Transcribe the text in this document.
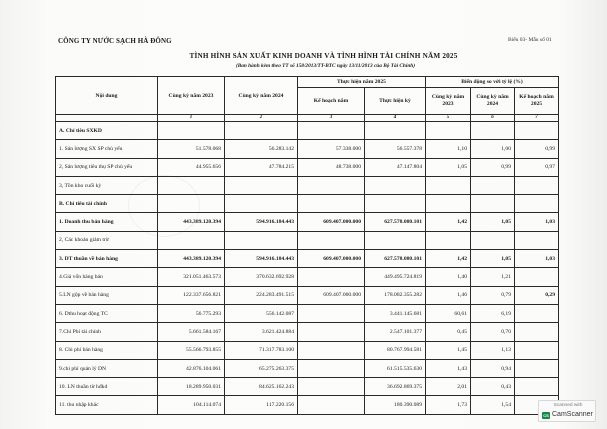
CÔNG TY NƯỚC SẠCH HÀ ĐÔNG	Biểu 03- Mẫu số 01
TÌNH HÌNH SẢN XUẤT KINH DOANH VÀ TÌNH HÌNH TÀI CHÍNH NĂM 2025
(Ban hành kèm theo TT số 158/2013/TT-BTC ngày 13/11/2013 của Bộ Tài Chính)
Nội dung	Cùng kỳ năm 2023	Cùng kỳ năm 2024	Thực hiện năm 2025		Biến động so với tỷ lệ (%)		
			Kế hoạch năm	Thực hiện kỳ	Cùng kỳ năm 2023	Cùng kỳ năm 2024	Kế hoạch năm 2025
	1	2	3	4	5	6	7
A. Chỉ tiêu SXKD							
1. Sản lượng SX SP chủ yếu	51.578.068	56.283.142	57.338.000	56.557.378	1,10	1,00	0,99
2, Sản lượng tiêu thụ SP chủ yếu	44.955.656	47.784.215	48.738.000	47.147.804	1,05	0,99	0,97
3, Tồn kho cuối kỳ							
B. Chỉ tiêu tài chính							
1. Doanh thu bán hàng	443.389.120.394	594.916.184.443	609.407.000.000	627.578.080.101	1,42	1,05	1,03
2, Các khoản giảm trừ							
3. DT thuần về bán hàng	443.389.120.394	594.916.184.443	609.407.000.000	627.578.080.101	1,42	1,05	1,03
4.Giá vốn hàng bán	321.051.463.573	370.632.692.928		449.495.724.819	1,40	1,21	
5.LN gộp về bán hàng	122.337.656.821	224.283.491.515	609.407.000.000	178.082.355.282	1,46	0,79	0,29
6. Dthu hoạt động TC	56.775.293	556.142.087		3.441.145.681	60,61	6,19	
7.Chi Phí tài chính	5.661.584.167	3.621.424.884		2.547.101.377	0,45	0,70	
8. Chi phí bán hàng	55.566.793.855	71.317.783.100		80.767.994.581	1,45	1,13	
9.chi phí quản lý DN	42.876.104.061	65.275.263.375		61.515.535.630	1,43	0,94	
10. LN thuần từ hđkd	18.289.950.031	84.625.162.243		36.692.869.375	2,01	0,43	
11. thu nhập khác	104.114.074	117.220.156		180.390.089	1,73	1,54		Scanned with
CS CamScanner
